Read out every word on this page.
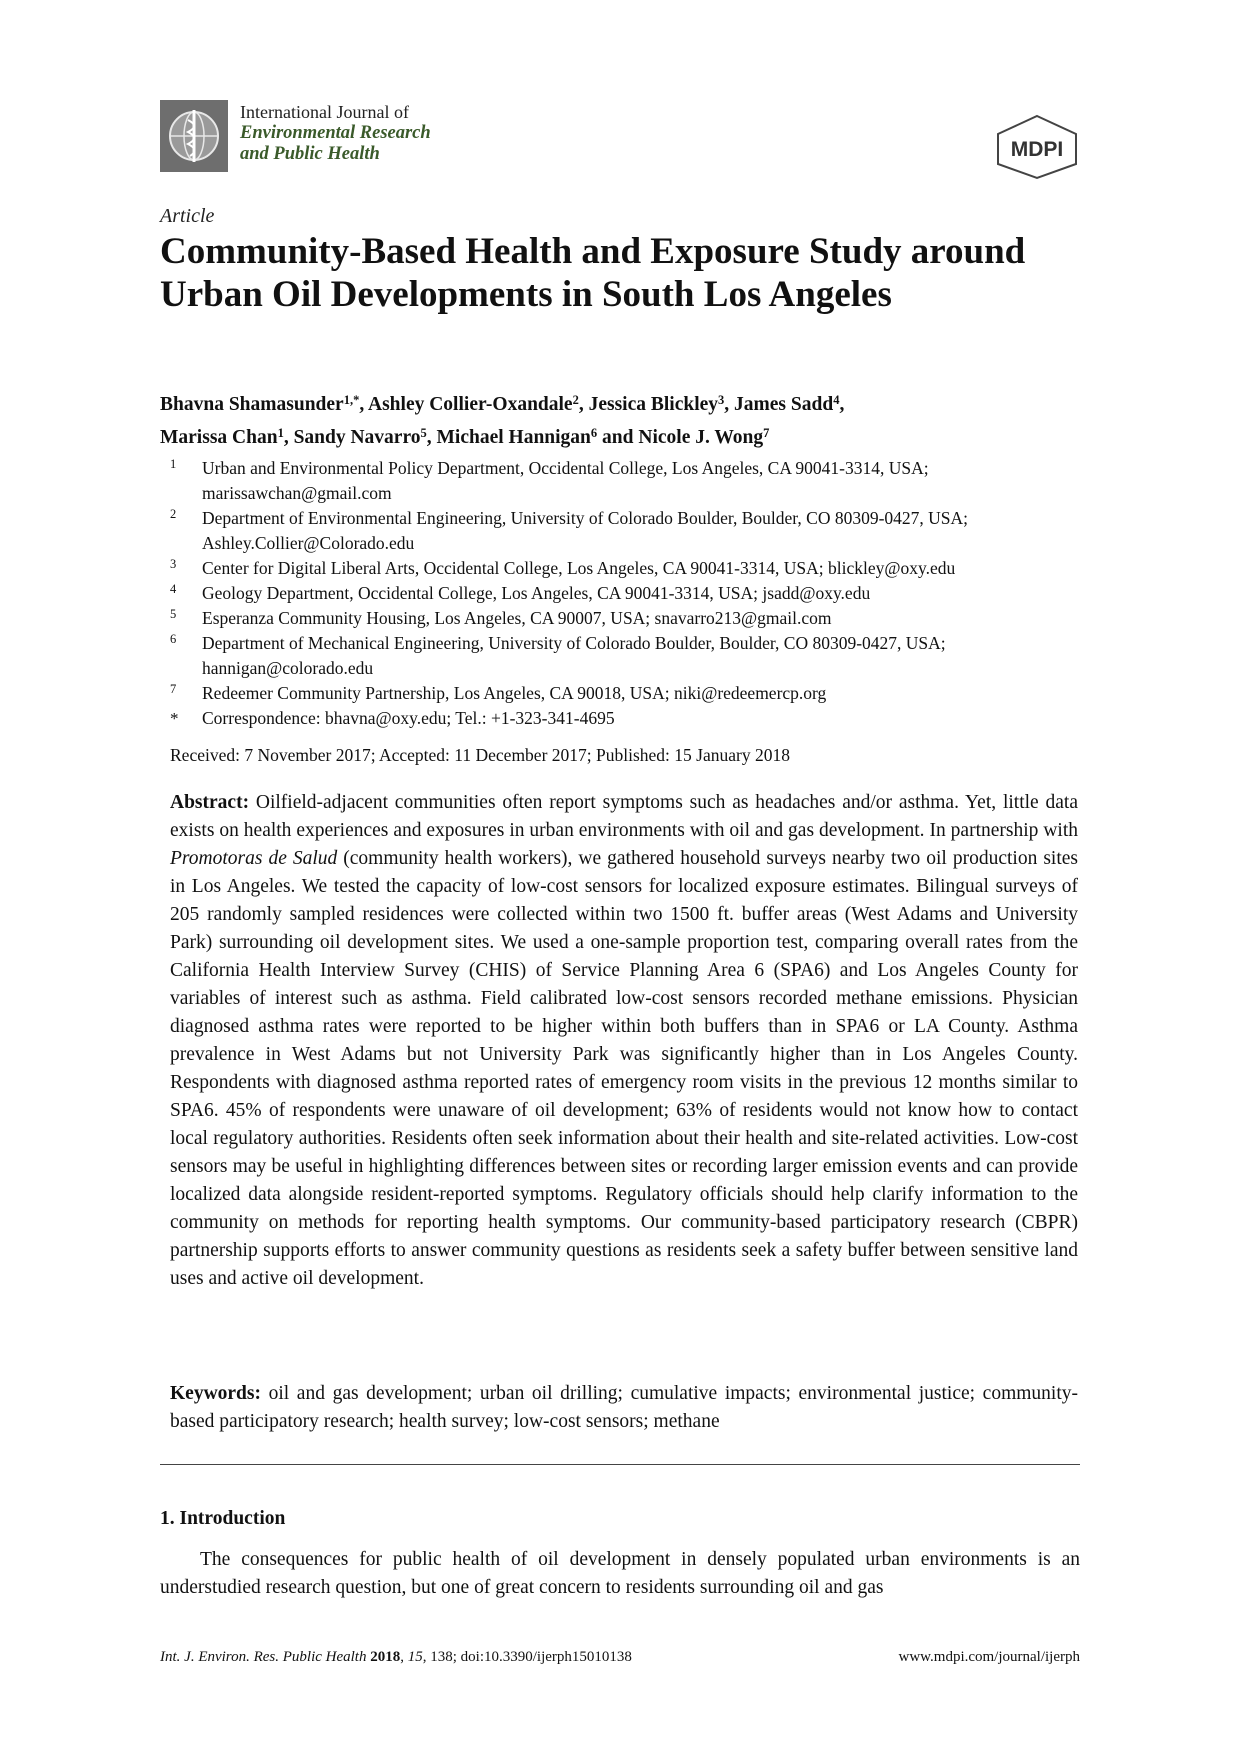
International Journal of
Environmental Research
and Public Health	MDPI
Article
Community-Based Health and Exposure Study around Urban Oil Developments in South Los Angeles
Bhavna Shamasunder$^{1,*}$, Ashley Collier-Oxandale$^2$, Jessica Blickley$^3$, James Sadd$^4$,
Marissa Chan$^1$, Sandy Navarro$^5$, Michael Hannigan$^6$ and Nicole J. Wong$^7$
1 Urban and Environmental Policy Department, Occidental College, Los Angeles, CA 90041-3314, USA; marissawchan@gmail.com
2 Department of Environmental Engineering, University of Colorado Boulder, Boulder, CO 80309-0427, USA; Ashley.Collier@Colorado.edu
3 Center for Digital Liberal Arts, Occidental College, Los Angeles, CA 90041-3314, USA; blickley@oxy.edu
4 Geology Department, Occidental College, Los Angeles, CA 90041-3314, USA; jsadd@oxy.edu
5 Esperanza Community Housing, Los Angeles, CA 90007, USA; snavarro213@gmail.com
6 Department of Mechanical Engineering, University of Colorado Boulder, Boulder, CO 80309-0427, USA; hannigan@colorado.edu
7 Redeemer Community Partnership, Los Angeles, CA 90018, USA; niki@redeemercp.org
* Correspondence: bhavna@oxy.edu; Tel.: +1-323-341-4695
Received: 7 November 2017; Accepted: 11 December 2017; Published: 15 January 2018

Abstract: Oilfield-adjacent communities often report symptoms such as headaches and/or asthma. Yet, little data exists on health experiences and exposures in urban environments with oil and gas development. In partnership with Promotoras de Salud (community health workers), we gathered household surveys nearby two oil production sites in Los Angeles. We tested the capacity of low-cost sensors for localized exposure estimates. Bilingual surveys of 205 randomly sampled residences were collected within two 1500 ft. buffer areas (West Adams and University Park) surrounding oil development sites. We used a one-sample proportion test, comparing overall rates from the California Health Interview Survey (CHIS) of Service Planning Area 6 (SPA6) and Los Angeles County for variables of interest such as asthma. Field calibrated low-cost sensors recorded methane emissions. Physician diagnosed asthma rates were reported to be higher within both buffers than in SPA6 or LA County. Asthma prevalence in West Adams but not University Park was significantly higher than in Los Angeles County. Respondents with diagnosed asthma reported rates of emergency room visits in the previous 12 months similar to SPA6. 45% of respondents were unaware of oil development; 63% of residents would not know how to contact local regulatory authorities. Residents often seek information about their health and site-related activities. Low-cost sensors may be useful in highlighting differences between sites or recording larger emission events and can provide localized data alongside resident-reported symptoms. Regulatory officials should help clarify information to the community on methods for reporting health symptoms. Our community-based participatory research (CBPR) partnership supports efforts to answer community questions as residents seek a safety buffer between sensitive land uses and active oil development.

Keywords: oil and gas development; urban oil drilling; cumulative impacts; environmental justice; community-based participatory research; health survey; low-cost sensors; methane

1. Introduction

The consequences for public health of oil development in densely populated urban environments is an understudied research question, but one of great concern to residents surrounding oil and gas

Int. J. Environ. Res. Public Health 2018, 15, 138; doi:10.3390/ijerph15010138	www.mdpi.com/journal/ijerph
